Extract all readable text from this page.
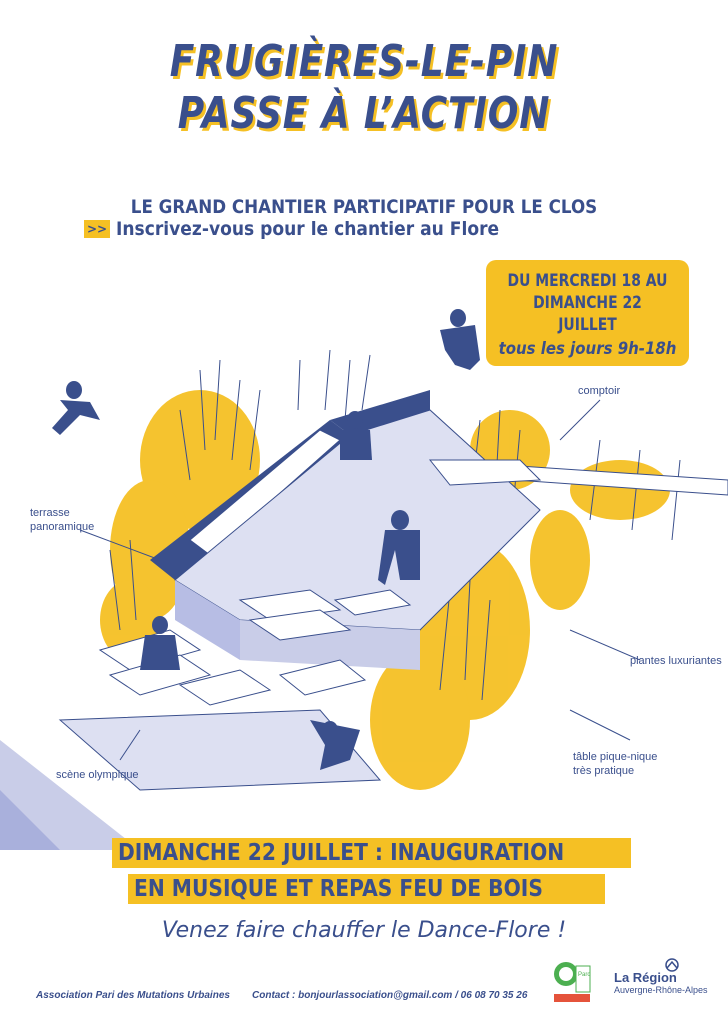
FRUGIÈRES-LE-PIN
PASSE À L’ACTION
LE GRAND CHANTIER PARTICIPATIF POUR LE CLOS
>> Inscrivez-vous pour le chantier au Flore
DU MERCREDI 18 AU
DIMANCHE 22 JUILLET
tous les jours 9h-18h
comptoir
terrasse
panoramique
plantes luxuriantes
tâble pique-nique
très pratique
scène olympique
DIMANCHE 22 JUILLET : INAUGURATION
EN MUSIQUE ET REPAS FEU DE BOIS
Venez faire chauffer le Dance-Flore !
Association Pari des Mutations Urbaines Contact : bonjourlassociation@gmail.com / 06 08 70 35 26
Parc La Région
Auvergne-Rhône-Alpes
